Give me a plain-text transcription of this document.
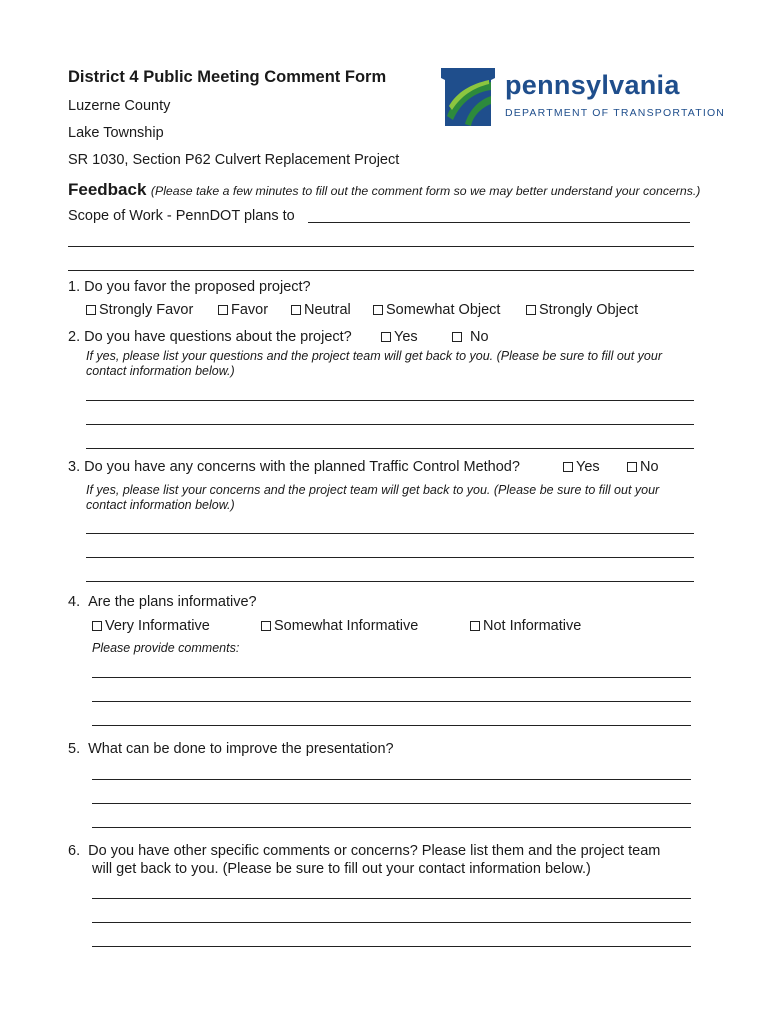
District 4 Public Meeting Comment Form
Luzerne County
Lake Township
SR 1030, Section P62 Culvert Replacement Project
pennsylvania
DEPARTMENT OF TRANSPORTATION
Feedback (Please take a few minutes to fill out the comment form so we may better understand your concerns.)
Scope of Work - PennDOT plans to
1. Do you favor the proposed project?
Strongly Favor	Favor	Neutral	Somewhat Object	Strongly Object
2. Do you have questions about the project?	Yes	No
If yes, please list your questions and the project team will get back to you. (Please be sure to fill out your
contact information below.)
3. Do you have any concerns with the planned Traffic Control Method?	Yes	No
If yes, please list your concerns and the project team will get back to you. (Please be sure to fill out your
contact information below.)
4. Are the plans informative?
Very Informative	Somewhat Informative	Not Informative
Please provide comments:
5. What can be done to improve the presentation?
6. Do you have other specific comments or concerns? Please list them and the project team
will get back to you. (Please be sure to fill out your contact information below.)
